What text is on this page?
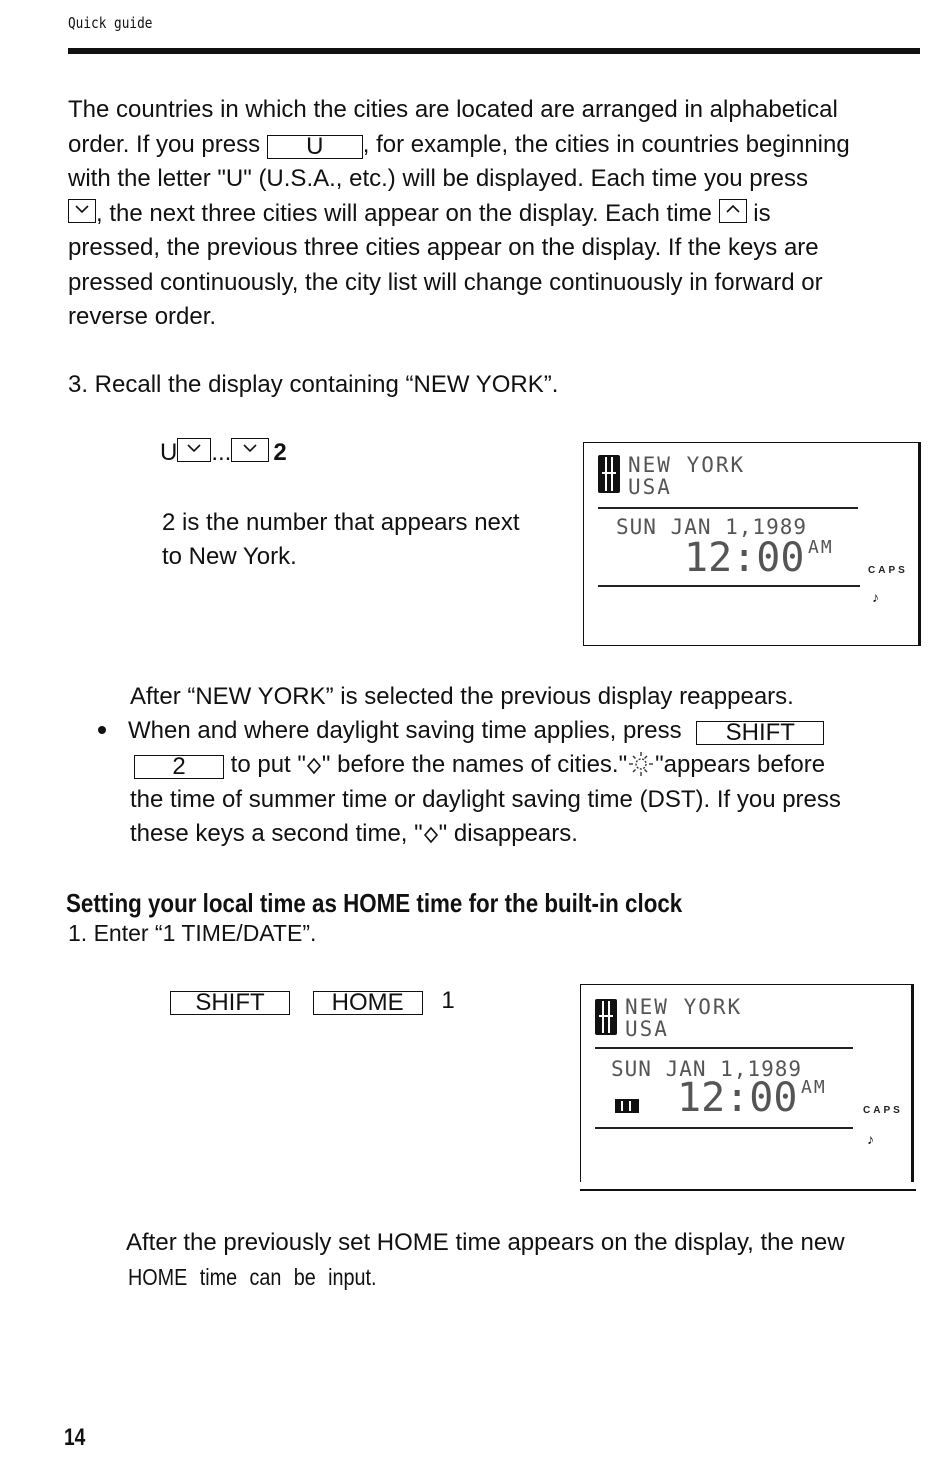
Quick guide
The countries in which the cities are located are arranged in alphabetical
order. If you press U , for example, the cities in countries beginning
with the letter "U" (U.S.A., etc.) will be displayed. Each time you press
, the next three cities will appear on the display. Each time is
pressed, the previous three cities appear on the display. If the keys are
pressed continuously, the city list will change continuously in forward or
reverse order.
3. Recall the display containing “NEW YORK”.
U ... 2
2 is the number that appears next
to New York.
NEW YORK
USA
SUN JAN 1,1989
12:00 AM
CAPS
♪
After “NEW YORK” is selected the previous display reappears.
When and where daylight saving time applies, press SHIFT
2 to put " " before the names of cities." "appears before
the time of summer time or daylight saving time (DST). If you press
these keys a second time, " " disappears.
Setting your local time as HOME time for the built-in clock
1. Enter “1 TIME/DATE”.
SHIFT	HOME 1	NEW YORK
USA
SUN JAN 1,1989
12:00 AM
CAPS
♪
After the previously set HOME time appears on the display, the new
HOME time can be input.
14
